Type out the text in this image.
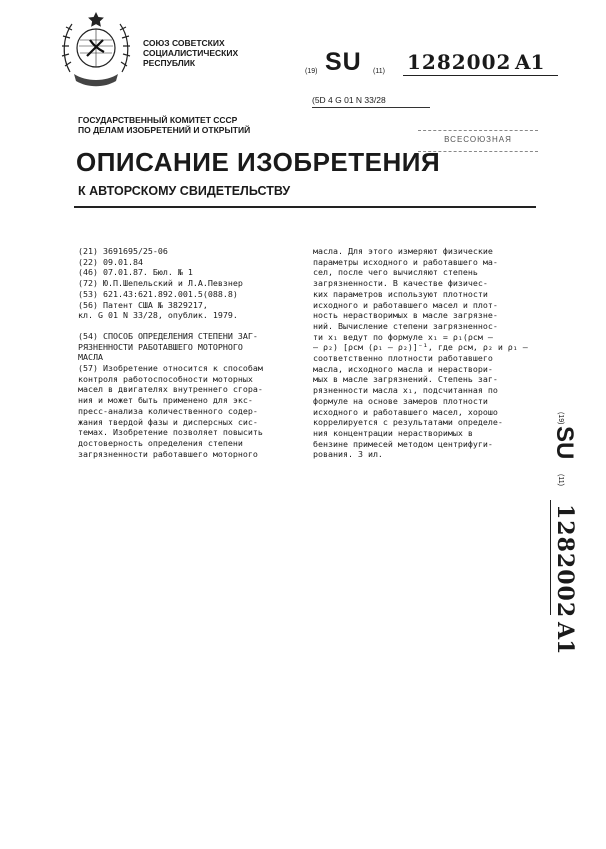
СОЮЗ СОВЕТСКИХ
СОЦИАЛИСТИЧЕСКИХ
РЕСПУБЛИК
(19) SU (11) 1282002 A1
(5D 4 G 01 N 33/28
ГОСУДАРСТВЕННЫЙ КОМИТЕТ СССР
ПО ДЕЛАМ ИЗОБРЕТЕНИЙ И ОТКРЫТИЙ
ВСЕСОЮЗНАЯ
ОПИСАНИЕ ИЗОБРЕТЕНИЯ
К АВТОРСКОМУ СВИДЕТЕЛЬСТВУ
(21) 3691695/25-06
(22) 09.01.84
(46) 07.01.87. Бюл. № 1
(72) Ю.П.Шепельский и Л.А.Певзнер
(53) 621.43:621.892.001.5(088.8)
(56) Патент США № 3829217,
кл. G 01 N 33/28, опублик. 1979.
(54) СПОСОБ ОПРЕДЕЛЕНИЯ СТЕПЕНИ ЗАГ-
РЯЗНЕННОСТИ РАБОТАВШЕГО МОТОРНОГО
МАСЛА
(57) Изобретение относится к способам
контроля работоспособности моторных
масел в двигателях внутреннего сгора-
ния и может быть применено для экс-
пресс-анализа количественного содер-
жания твердой фазы и дисперсных сис-
темах. Изобретение позволяет повысить
достоверность определения степени
загрязненности работавшего моторного
масла. Для этого измеряют физические
параметры исходного и работавшего ма-
сел, после чего вычисляют степень
загрязненности. В качестве физичес-
ких параметров используют плотности
исходного и работавшего масел и плот-
ность нерастворимых в масле загрязне-
ний. Вычисление степени загрязненнос-
ти x₁ ведут по формуле x₁ = ρ₁(ρсм –
– ρ₂) [ρсм (ρ₁ – ρ₂)]⁻¹, где ρсм, ρ₂ и ρ₁ –
соответственно плотности работавшего
масла, исходного масла и нераствори-
мых в масле загрязнений. Степень заг-
рязненности масла x₁, подсчитанная по
формуле на основе замеров плотности
исходного и работавшего масел, хорошо
коррелируется с результатами определе-
ния концентрации нерастворимых в
бензине примесей методом центрифуги-
рования. 3 ил.
(19)
SU
(11)
1282002
A1
